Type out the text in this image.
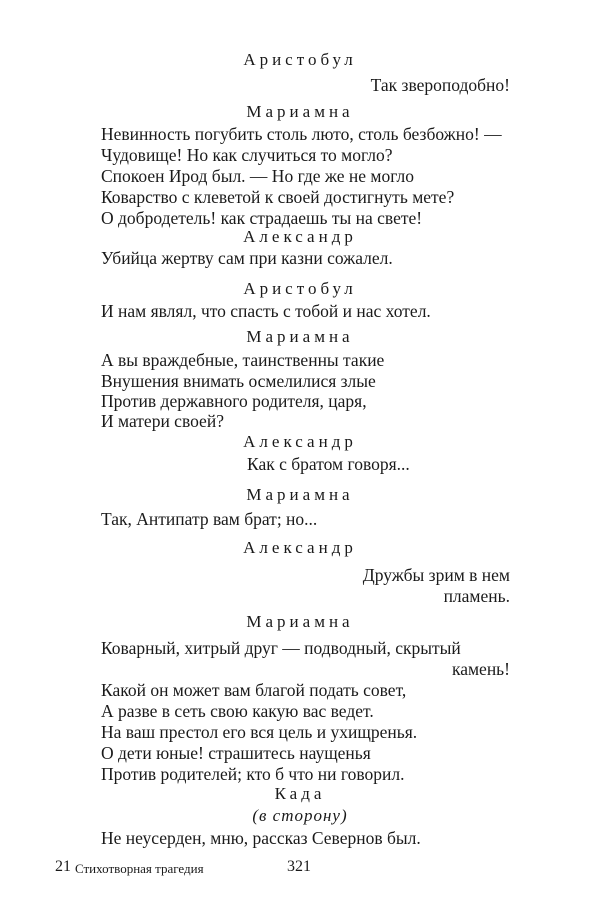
Аристобул
Так звероподобно!
Мариамна
Невинность погубить столь люто, столь безбожно! —
Чудовище! Но как случиться то могло?
Спокоен Ирод был. — Но где же не могло
Коварство с клеветой к своей достигнуть мете?
О добродетель! как страдаешь ты на свете!
Александр
Убийца жертву сам при казни сожалел.
Аристобул
И нам являл, что спасть с тобой и нас хотел.
Мариамна
А вы враждебные, таинственны такие
Внушения внимать осмелилися злые
Против державного родителя, царя,
И матери своей?
Александр
Как с братом говоря...
Мариамна
Так, Антипатр вам брат; но...
Александр
Дружбы зрим в нем
пламень.
Мариамна
Коварный, хитрый друг — подводный, скрытый
камень!
Какой он может вам благой подать совет,
А разве в сеть свою какую вас ведет.
На ваш престол его вся цель и ухищренья.
О дети юные! страшитесь наущенья
Против родителей; кто б что ни говорил.
Када
(в сторону)
Не неусерден, мню, рассказ Севернов был.
21 Стихотворная трагедия	321
